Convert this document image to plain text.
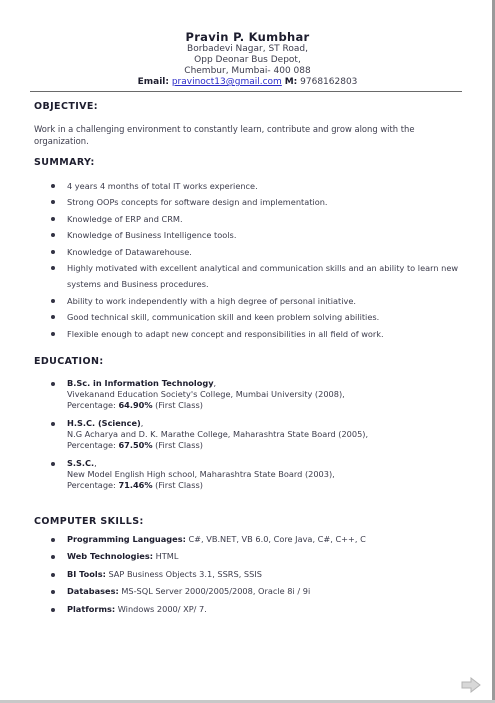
Pravin P. Kumbhar
Borbadevi Nagar, ST Road,
Opp Deonar Bus Depot,
Chembur, Mumbai- 400 088
Email: pravinoct13@gmail.com M: 9768162803
OBJECTIVE:
Work in a challenging environment to constantly learn, contribute and grow along with the organization.
SUMMARY:
4 years 4 months of total IT works experience.
Strong OOPs concepts for software design and implementation.
Knowledge of ERP and CRM.
Knowledge of Business Intelligence tools.
Knowledge of Datawarehouse.
Highly motivated with excellent analytical and communication skills and an ability to learn new systems and Business procedures.
Ability to work independently with a high degree of personal initiative.
Good technical skill, communication skill and keen problem solving abilities.
Flexible enough to adapt new concept and responsibilities in all field of work.
EDUCATION:
B.Sc. in Information Technology,
Vivekanand Education Society's College, Mumbai University (2008),
Percentage: 64.90% (First Class)
H.S.C. (Science),
N.G Acharya and D. K. Marathe College, Maharashtra State Board (2005),
Percentage: 67.50% (First Class)
S.S.C.,
New Model English High school, Maharashtra State Board (2003),
Percentage: 71.46% (First Class)
COMPUTER SKILLS:
Programming Languages: C#, VB.NET, VB 6.0, Core Java, C#, C++, C
Web Technologies: HTML
BI Tools: SAP Business Objects 3.1, SSRS, SSIS
Databases: MS-SQL Server 2000/2005/2008, Oracle 8i / 9i
Platforms: Windows 2000/ XP/ 7.
